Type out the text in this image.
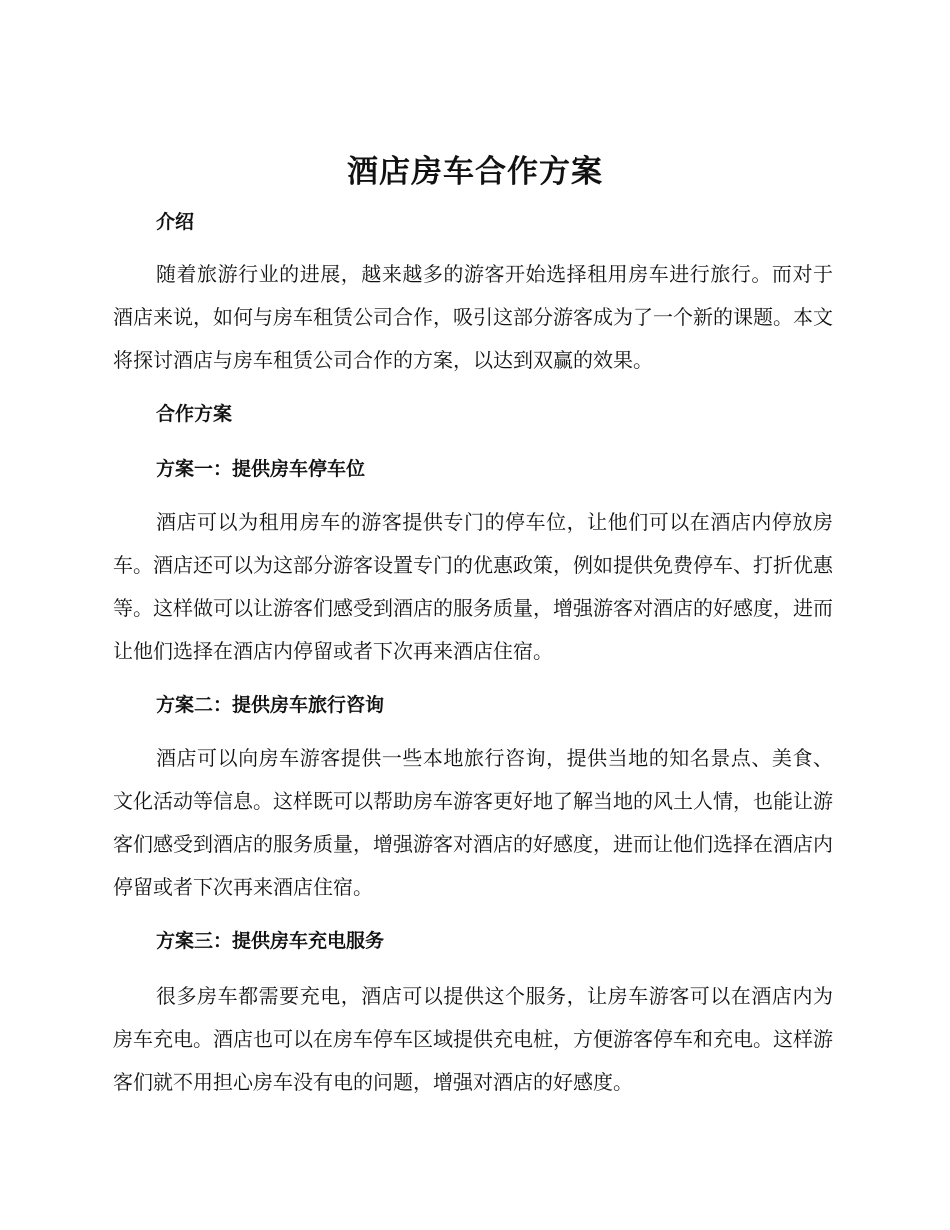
酒店房车合作方案
介绍

随着旅游行业的进展，越来越多的游客开始选择租用房车进行旅行。而对于酒店来说，如何与房车租赁公司合作，吸引这部分游客成为了一个新的课题。本文将探讨酒店与房车租赁公司合作的方案，以达到双赢的效果。

合作方案
方案一：提供房车停车位

酒店可以为租用房车的游客提供专门的停车位，让他们可以在酒店内停放房车。酒店还可以为这部分游客设置专门的优惠政策，例如提供免费停车、打折优惠等。这样做可以让游客们感受到酒店的服务质量，增强游客对酒店的好感度，进而让他们选择在酒店内停留或者下次再来酒店住宿。

方案二：提供房车旅行咨询

酒店可以向房车游客提供一些本地旅行咨询，提供当地的知名景点、美食、文化活动等信息。这样既可以帮助房车游客更好地了解当地的风土人情，也能让游客们感受到酒店的服务质量，增强游客对酒店的好感度，进而让他们选择在酒店内停留或者下次再来酒店住宿。

方案三：提供房车充电服务

很多房车都需要充电，酒店可以提供这个服务，让房车游客可以在酒店内为房车充电。酒店也可以在房车停车区域提供充电桩，方便游客停车和充电。这样游客们就不用担心房车没有电的问题，增强对酒店的好感度。
